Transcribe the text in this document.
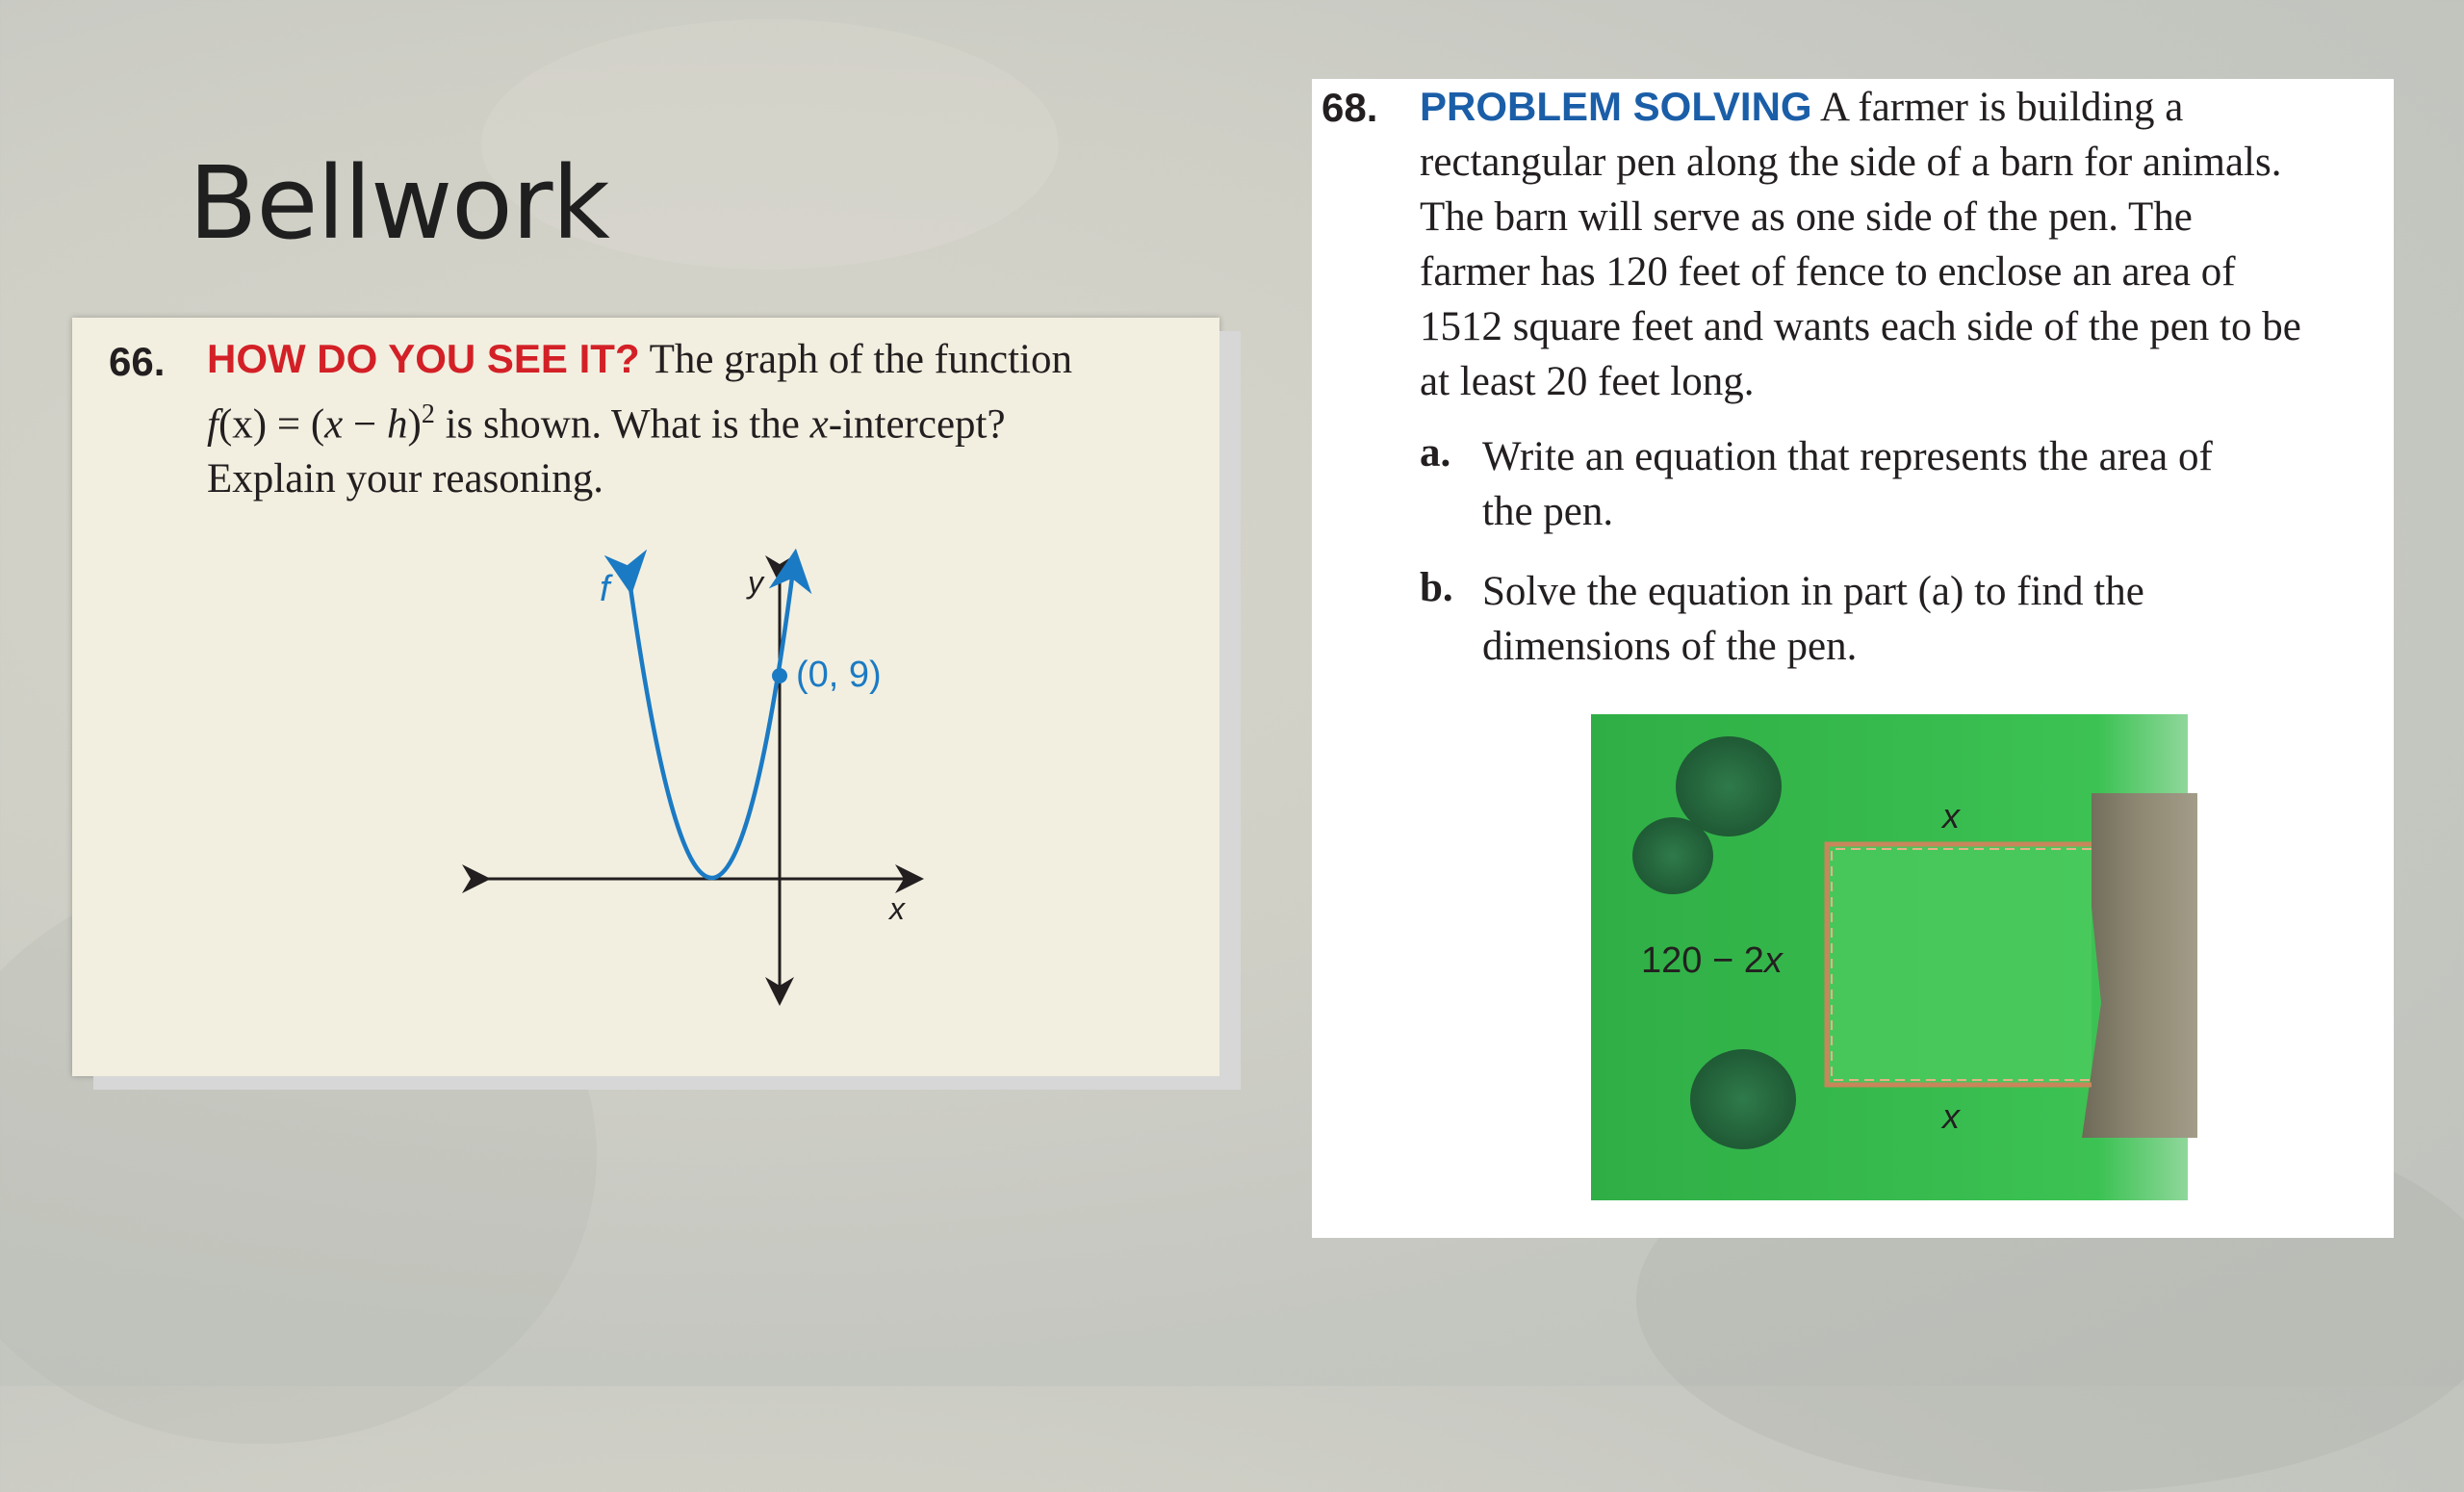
Bellwork
66. HOW DO YOU SEE IT? The graph of the function
$f(x) = (x - h)^2$ is shown. What is the x-intercept?
Explain your reasoning.
f	y
x
(0, 9)
68. PROBLEM SOLVING A farmer is building a
rectangular pen along the side of a barn for animals.
The barn will serve as one side of the pen. The
farmer has 120 feet of fence to enclose an area of
1512 square feet and wants each side of the pen to be
at least 20 feet long.
a. Write an equation that represents the area of
the pen.
b. Solve the equation in part (a) to find the
dimensions of the pen.
x
x
120 − 2x
